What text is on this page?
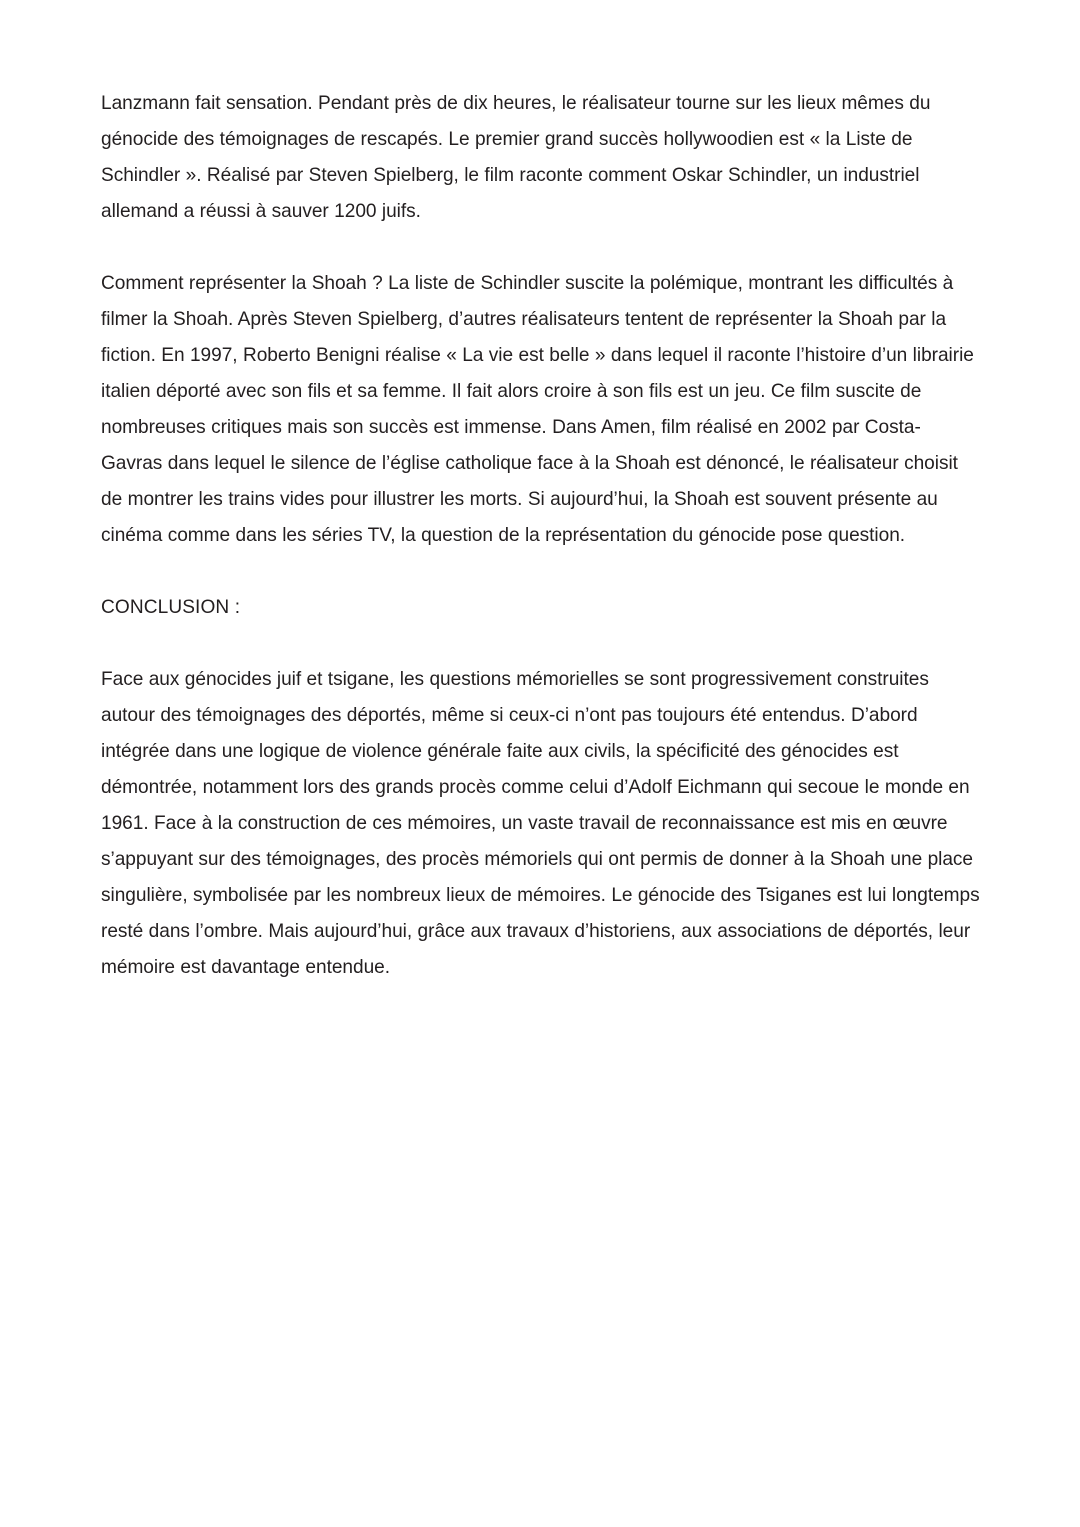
Lanzmann fait sensation. Pendant près de dix heures, le réalisateur tourne sur les lieux mêmes du génocide des témoignages de rescapés. Le premier grand succès hollywoodien est « la Liste de Schindler ». Réalisé par Steven Spielberg, le film raconte comment Oskar Schindler, un industriel allemand a réussi à sauver 1200 juifs.

Comment représenter la Shoah ? La liste de Schindler suscite la polémique, montrant les difficultés à filmer la Shoah. Après Steven Spielberg, d’autres réalisateurs tentent de représenter la Shoah par la fiction. En 1997, Roberto Benigni réalise « La vie est belle » dans lequel il raconte l’histoire d’un librairie italien déporté avec son fils et sa femme. Il fait alors croire à son fils est un jeu. Ce film suscite de nombreuses critiques mais son succès est immense. Dans Amen, film réalisé en 2002 par Costa-Gavras dans lequel le silence de l’église catholique face à la Shoah est dénoncé, le réalisateur choisit de montrer les trains vides pour illustrer les morts. Si aujourd’hui, la Shoah est souvent présente au cinéma comme dans les séries TV, la question de la représentation du génocide pose question.

CONCLUSION :

Face aux génocides juif et tsigane, les questions mémorielles se sont progressivement construites autour des témoignages des déportés, même si ceux-ci n’ont pas toujours été entendus. D’abord intégrée dans une logique de violence générale faite aux civils, la spécificité des génocides est démontrée, notamment lors des grands procès comme celui d’Adolf Eichmann qui secoue le monde en 1961. Face à la construction de ces mémoires, un vaste travail de reconnaissance est mis en œuvre s’appuyant sur des témoignages, des procès mémoriels qui ont permis de donner à la Shoah une place singulière, symbolisée par les nombreux lieux de mémoires. Le génocide des Tsiganes est lui longtemps resté dans l’ombre. Mais aujourd’hui, grâce aux travaux d’historiens, aux associations de déportés, leur mémoire est davantage entendue.
